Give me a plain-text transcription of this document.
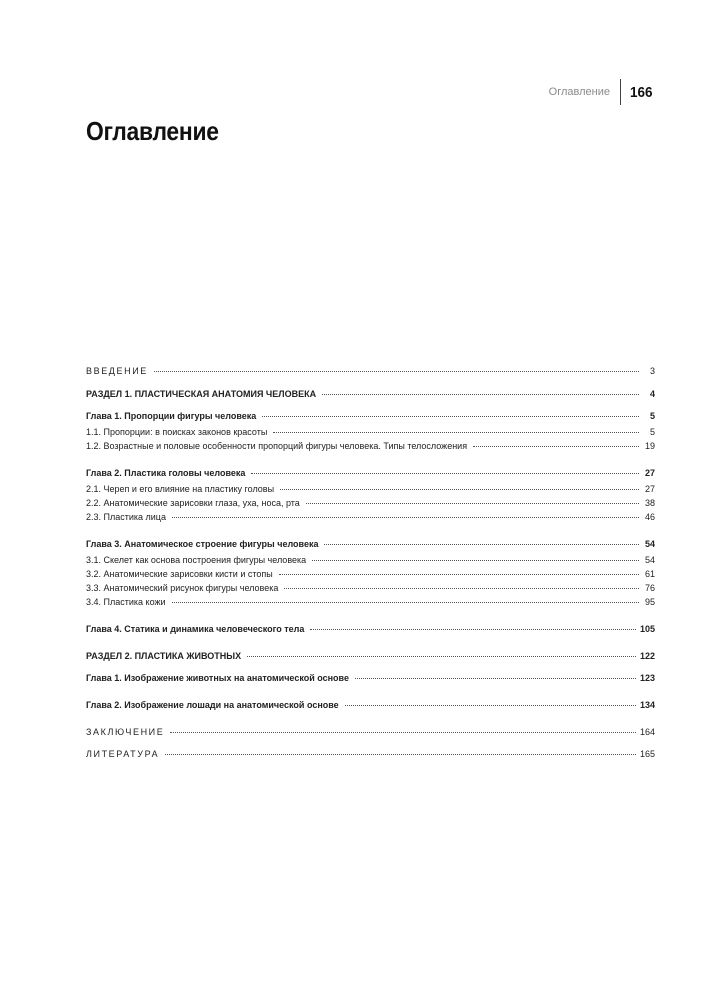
Оглавление 166
Оглавление
ВВЕДЕНИЕ	3
РАЗДЕЛ 1. ПЛАСТИЧЕСКАЯ АНАТОМИЯ ЧЕЛОВЕКА	4
Глава 1. Пропорции фигуры человека	5
1.1. Пропорции: в поисках законов красоты	5
1.2. Возрастные и половые особенности пропорций фигуры человека. Типы телосложения	19
Глава 2. Пластика головы человека	27
2.1. Череп и его влияние на пластику головы	27
2.2. Анатомические зарисовки глаза, уха, носа, рта	38
2.3. Пластика лица	46
Глава 3. Анатомическое строение фигуры человека	54
3.1. Скелет как основа построения фигуры человека	54
3.2. Анатомические зарисовки кисти и стопы	61
3.3. Анатомический рисунок фигуры человека	76
3.4. Пластика кожи	95
Глава 4. Статика и динамика человеческого тела	105
РАЗДЕЛ 2. ПЛАСТИКА ЖИВОТНЫХ	122
Глава 1. Изображение животных на анатомической основе	123
Глава 2. Изображение лошади на анатомической основе	134
ЗАКЛЮЧЕНИЕ	164
ЛИТЕРАТУРА	165
